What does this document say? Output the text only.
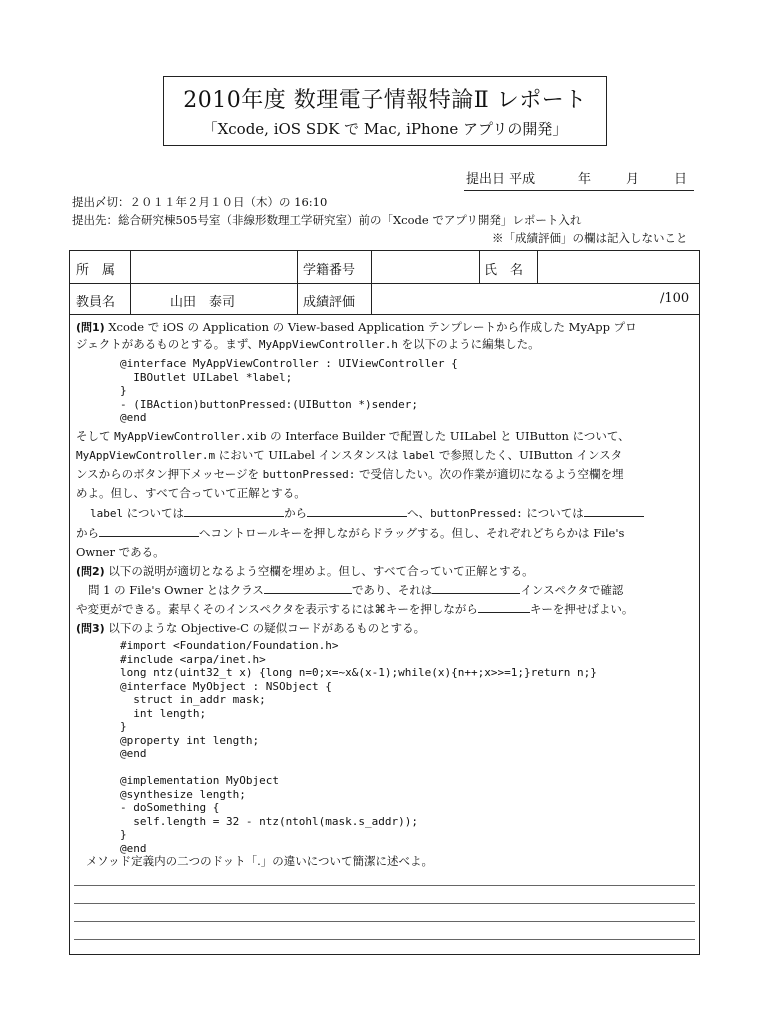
2010年度 数理電子情報特論Ⅱ レポート
「Xcode, iOS SDK で Mac, iPhone アプリの開発」
提出日 平成	年	月	日
提出〆切：２０１１年２月１０日（木）の 16:10
提出先：総合研究棟505号室（非線形数理工学研究室）前の「Xcode でアプリ開発」レポート入れ
※「成績評価」の欄は記入しないこと
所　属	学籍番号	氏　名
教員名	山田　泰司	成績評価	/100
(問1) Xcode で iOS の Application の View-based Application テンプレートから作成した MyApp プロ
ジェクトがあるものとする。まず、MyAppViewController.h を以下のように編集した。
@interface MyAppViewController : UIViewController {
IBOutlet UILabel *label;
}
- (IBAction)buttonPressed:(UIButton *)sender;
@end
そして MyAppViewController.xib の Interface Builder で配置した UILabel と UIButton について、
MyAppViewController.m において UILabel インスタンスは label で参照したく、UIButton インスタ
ンスからのボタン押下メッセージを buttonPressed: で受信したい。次の作業が適切になるよう空欄を埋
めよ。但し、すべて合っていて正解とする。
label については	から	へ、buttonPressed: については
から	へコントロールキーを押しながらドラッグする。但し、それぞれどちらかは File's
Owner である。
(問2) 以下の説明が適切となるよう空欄を埋めよ。但し、すべて合っていて正解とする。
問 1 の File's Owner とはクラス	であり、それは	インスペクタで確認
や変更ができる。素早くそのインスペクタを表示するには⌘キーを押しながら	キーを押せばよい。
(問3) 以下のような Objective-C の疑似コードがあるものとする。
#import <Foundation/Foundation.h>
#include <arpa/inet.h>
long ntz(uint32_t x) {long n=0;x=~x&(x-1);while(x){n++;x>>=1;}return n;}
@interface MyObject : NSObject {
struct in_addr mask;
int length;
}
@property int length;
@end

@implementation MyObject
@synthesize length;
- doSomething {
self.length = 32 - ntz(ntohl(mask.s_addr));
}
@end
メソッド定義内の二つのドット「.」の違いについて簡潔に述べよ。
